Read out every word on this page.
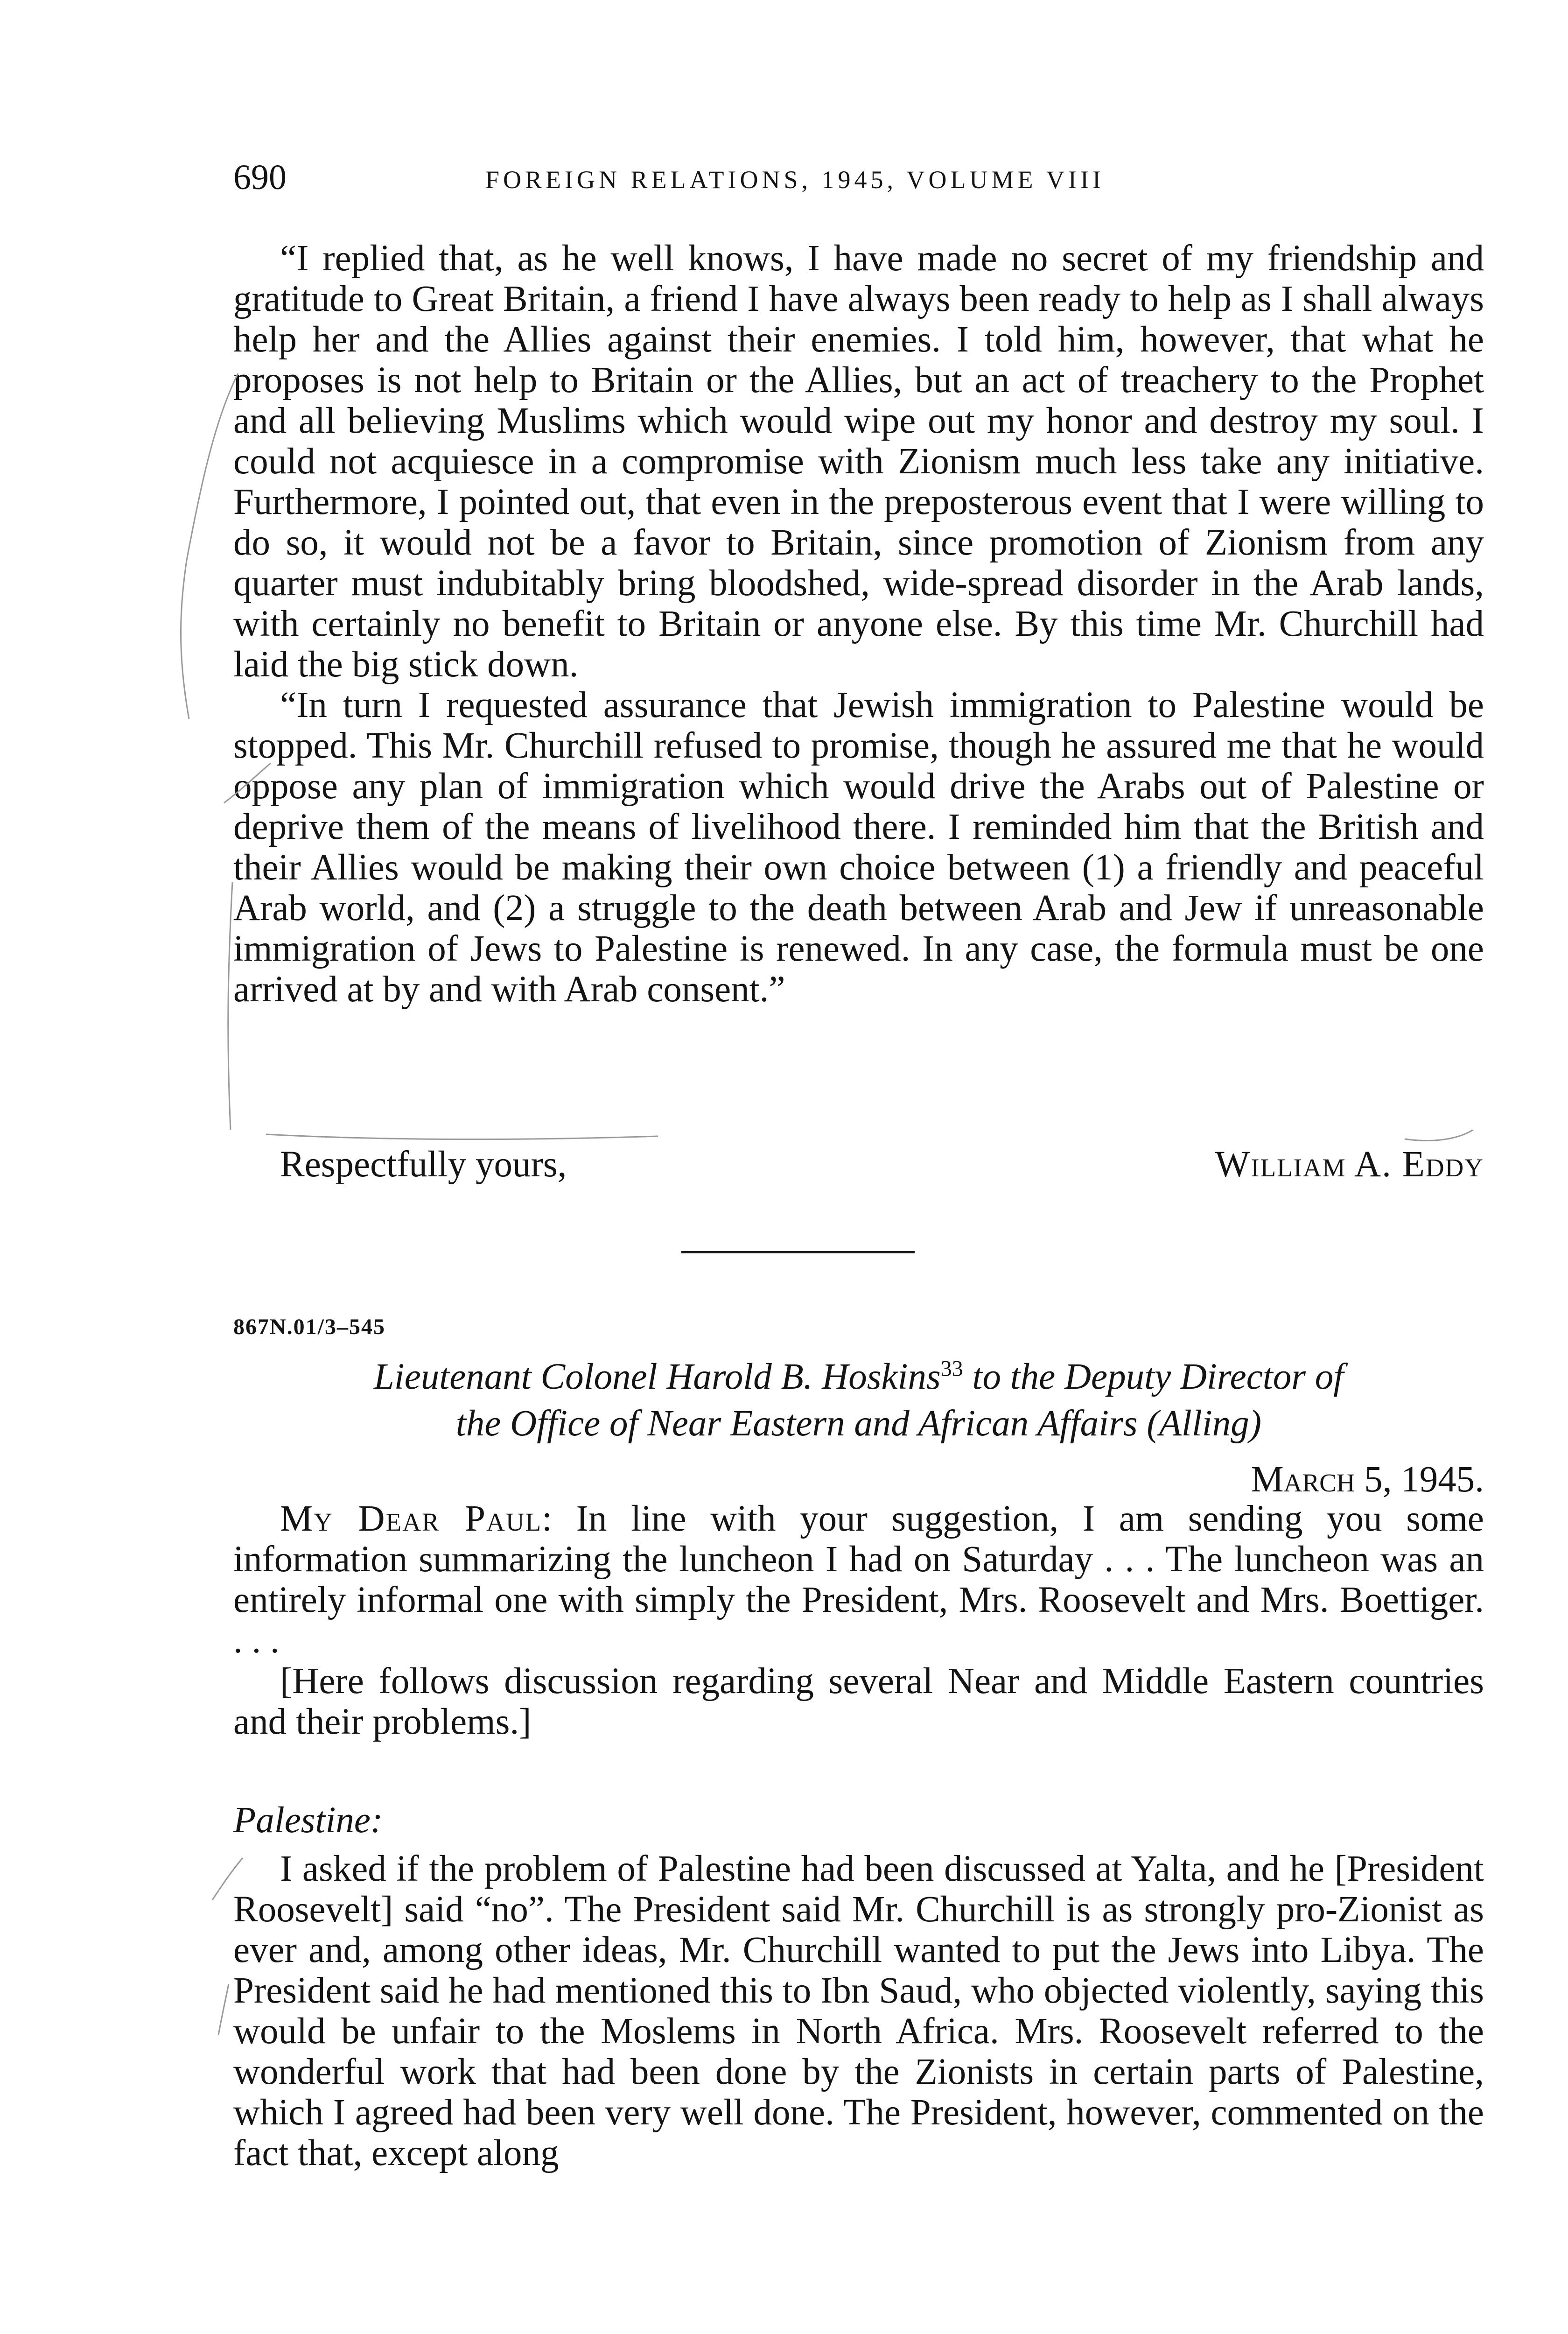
690	FOREIGN RELATIONS, 1945, VOLUME VIII

“I replied that, as he well knows, I have made no secret of my friendship and gratitude to Great Britain, a friend I have always been ready to help as I shall always help her and the Allies against their enemies. I told him, however, that what he proposes is not help to Britain or the Allies, but an act of treachery to the Prophet and all believing Muslims which would wipe out my honor and destroy my soul. I could not acquiesce in a compromise with Zionism much less take any initiative. Furthermore, I pointed out, that even in the preposterous event that I were willing to do so, it would not be a favor to Britain, since promotion of Zionism from any quarter must indubitably bring bloodshed, wide-spread disorder in the Arab lands, with certainly no benefit to Britain or anyone else. By this time Mr. Churchill had laid the big stick down.

“In turn I requested assurance that Jewish immigration to Palestine would be stopped. This Mr. Churchill refused to promise, though he assured me that he would oppose any plan of immigration which would drive the Arabs out of Palestine or deprive them of the means of livelihood there. I reminded him that the British and their Allies would be making their own choice between (1) a friendly and peaceful Arab world, and (2) a struggle to the death between Arab and Jew if unreasonable immigration of Jews to Palestine is renewed. In any case, the formula must be one arrived at by and with Arab consent.”

Respectfully yours,	William A. Eddy
867N.01/3–545
Lieutenant Colonel Harold B. Hoskins$^{33}$ to the Deputy Director of
the Office of Near Eastern and African Affairs (Alling)
March 5, 1945.

My Dear Paul: In line with your suggestion, I am sending you some information summarizing the luncheon I had on Saturday . . . The luncheon was an entirely informal one with simply the President, Mrs. Roosevelt and Mrs. Boettiger. . . .

[Here follows discussion regarding several Near and Middle Eastern countries and their problems.]

Palestine:

I asked if the problem of Palestine had been discussed at Yalta, and he [President Roosevelt] said “no”. The President said Mr. Churchill is as strongly pro-Zionist as ever and, among other ideas, Mr. Churchill wanted to put the Jews into Libya. The President said he had mentioned this to Ibn Saud, who objected violently, saying this would be unfair to the Moslems in North Africa. Mrs. Roosevelt referred to the wonderful work that had been done by the Zionists in certain parts of Palestine, which I agreed had been very well done. The President, however, commented on the fact that, except along
